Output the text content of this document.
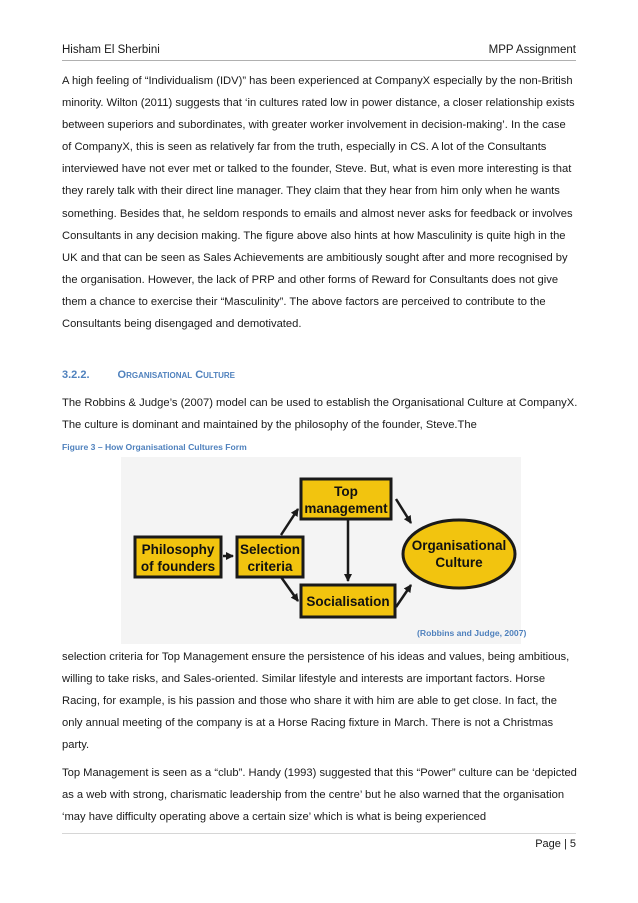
Hisham El Sherbini	MPP Assignment

A high feeling of “Individualism (IDV)” has been experienced at CompanyX especially by the non-British minority. Wilton (2011) suggests that ‘in cultures rated low in power distance, a closer relationship exists between superiors and subordinates, with greater worker involvement in decision-making’. In the case of CompanyX, this is seen as relatively far from the truth, especially in CS. A lot of the Consultants interviewed have not ever met or talked to the founder, Steve. But, what is even more interesting is that they rarely talk with their direct line manager. They claim that they hear from him only when he wants something. Besides that, he seldom responds to emails and almost never asks for feedback or involves Consultants in any decision making. The figure above also hints at how Masculinity is quite high in the UK and that can be seen as Sales Achievements are ambitiously sought after and more recognised by the organisation. However, the lack of PRP and other forms of Reward for Consultants does not give them a chance to exercise their “Masculinity”. The above factors are perceived to contribute to the Consultants being disengaged and demotivated.

3.2.2.	Organisational Culture

The Robbins & Judge’s (2007) model can be used to establish the Organisational Culture at CompanyX. The culture is dominant and maintained by the philosophy of the founder, Steve.The

Figure 3 – How Organisational Cultures Form
Philosophy
of founders
Selection
criteria
Top
management
Socialisation
Organisational
Culture
(Robbins and Judge, 2007)

selection criteria for Top Management ensure the persistence of his ideas and values, being ambitious, willing to take risks, and Sales-oriented. Similar lifestyle and interests are important factors. Horse Racing, for example, is his passion and those who share it with him are able to get close. In fact, the only annual meeting of the company is at a Horse Racing fixture in March. There is not a Christmas party.

Top Management is seen as a “club”. Handy (1993) suggested that this “Power” culture can be ‘depicted as a web with strong, charismatic leadership from the centre’ but he also warned that the organisation ‘may have difficulty operating above a certain size’ which is what is being experienced

Page | 5
